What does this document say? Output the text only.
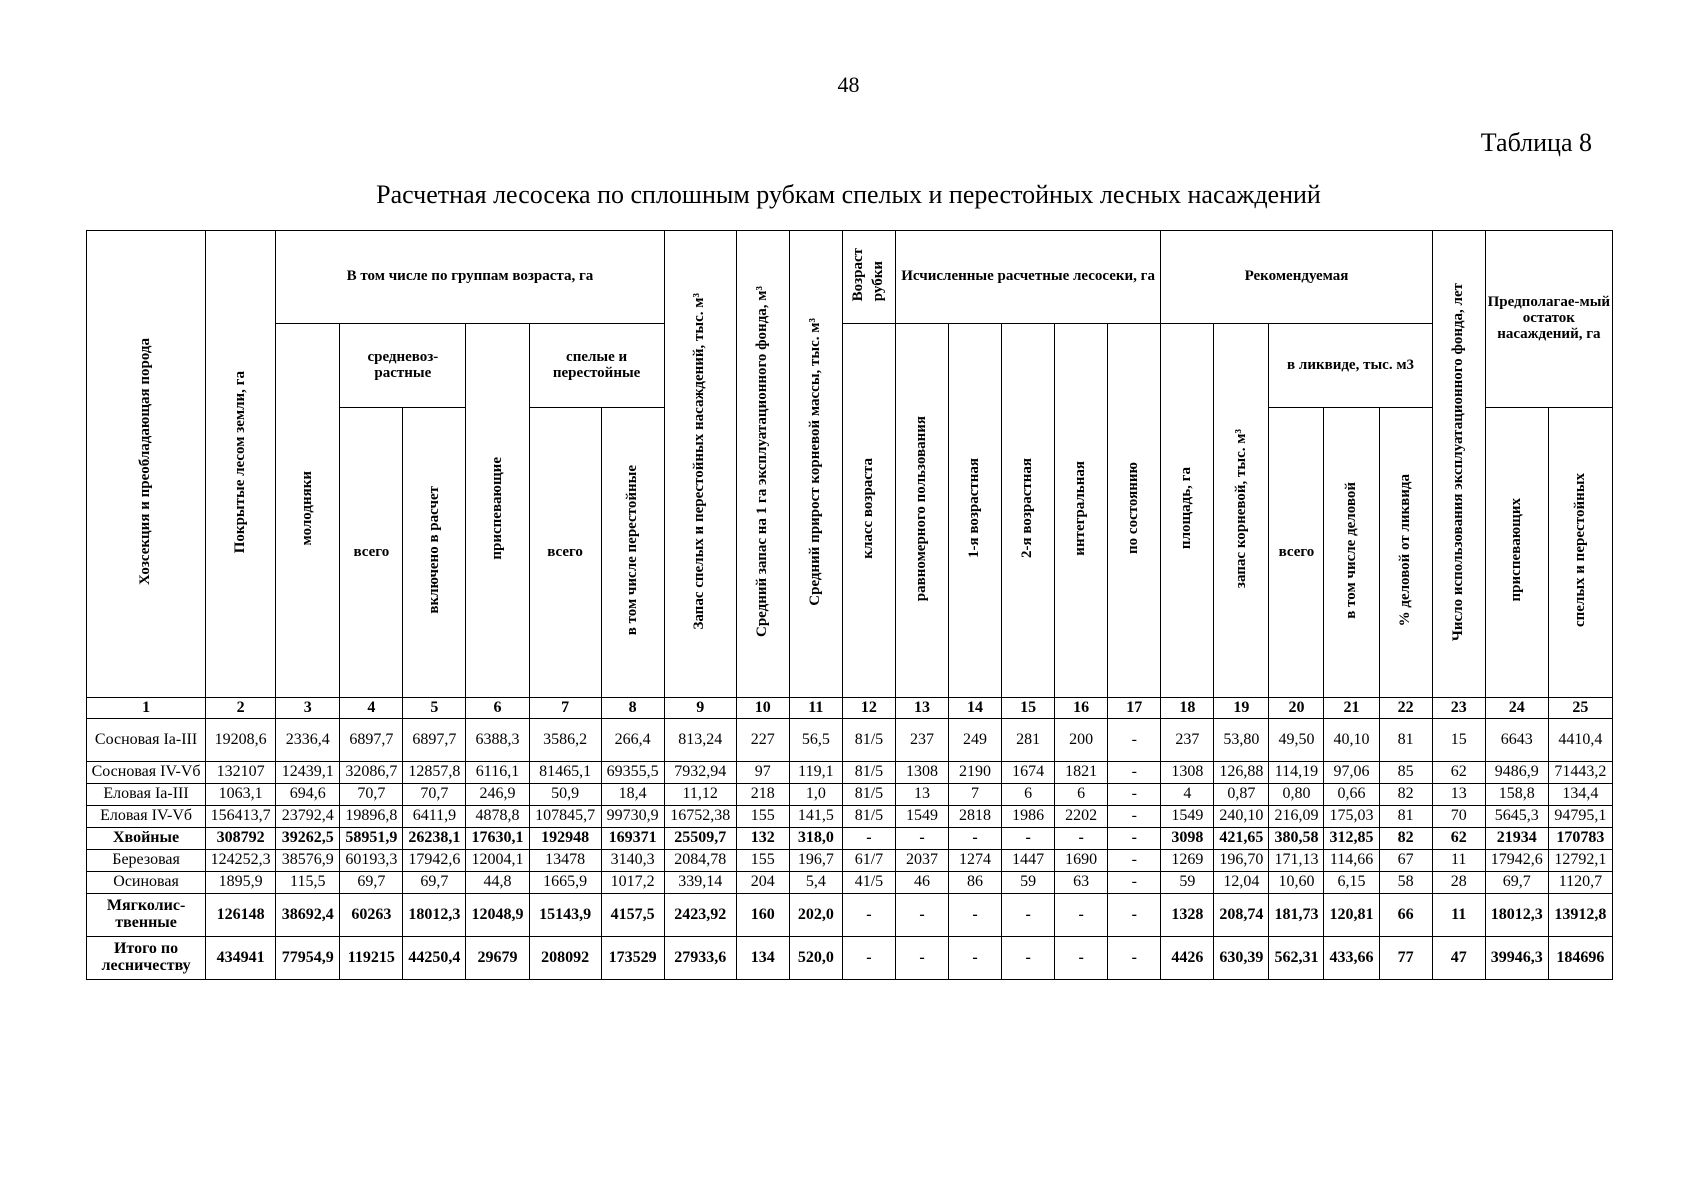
48
Таблица 8
Расчетная лесосека по сплошным рубкам спелых и перестойных лесных насаждений
Хозсекция и преобладающая порода	Покрытые лесом земли, га	В том числе по группам возраста, га						Запас спелых и перестойных насаждений, тыс. м³	Средний запас на 1 га эксплуатационного фонда, м³	Средний прирост корневой массы, тыс. м³	Возраст рубки	Исчисленные расчетные лесосеки, га					Рекомендуемая					Число использования эксплуатационного фонда, лет	Предполагае-мый остаток насаждений, га	
		молодняки	средневоз-растные		приспевающие	спелые и перестойные					класс возраста	равномерного пользования	1-я возрастная	2-я возрастная	интегральная	по состоянию	площадь, га	запас корневой, тыс. м³	в ликвиде, тыс. м3					
			всего	включено в расчет		всего	в том числе перестойные												всего	в том числе деловой	% деловой от ликвида		приспевающих	спелых и перестойных
1	2	3	4	5	6	7	8	9	10	11	12	13	14	15	16	17	18	19	20	21	22	23	24	25
Сосновая Ia-III	19208,6	2336,4	6897,7	6897,7	6388,3	3586,2	266,4	813,24	227	56,5	81/5	237	249	281	200	-	237	53,80	49,50	40,10	81	15	6643	4410,4
Сосновая IV-Vб	132107	12439,1	32086,7	12857,8	6116,1	81465,1	69355,5	7932,94	97	119,1	81/5	1308	2190	1674	1821	-	1308	126,88	114,19	97,06	85	62	9486,9	71443,2
Еловая Ia-III	1063,1	694,6	70,7	70,7	246,9	50,9	18,4	11,12	218	1,0	81/5	13	7	6	6	-	4	0,87	0,80	0,66	82	13	158,8	134,4
Еловая IV-Vб	156413,7	23792,4	19896,8	6411,9	4878,8	107845,7	99730,9	16752,38	155	141,5	81/5	1549	2818	1986	2202	-	1549	240,10	216,09	175,03	81	70	5645,3	94795,1
Хвойные	308792	39262,5	58951,9	26238,1	17630,1	192948	169371	25509,7	132	318,0	-	-	-	-	-	-	3098	421,65	380,58	312,85	82	62	21934	170783
Березовая	124252,3	38576,9	60193,3	17942,6	12004,1	13478	3140,3	2084,78	155	196,7	61/7	2037	1274	1447	1690	-	1269	196,70	171,13	114,66	67	11	17942,6	12792,1
Осиновая	1895,9	115,5	69,7	69,7	44,8	1665,9	1017,2	339,14	204	5,4	41/5	46	86	59	63	-	59	12,04	10,60	6,15	58	28	69,7	1120,7
Мягколис-твенные	126148	38692,4	60263	18012,3	12048,9	15143,9	4157,5	2423,92	160	202,0	-	-	-	-	-	-	1328	208,74	181,73	120,81	66	11	18012,3	13912,8
Итого по лесничеству	434941	77954,9	119215	44250,4	29679	208092	173529	27933,6	134	520,0	-	-	-	-	-	-	4426	630,39	562,31	433,66	77	47	39946,3	184696
